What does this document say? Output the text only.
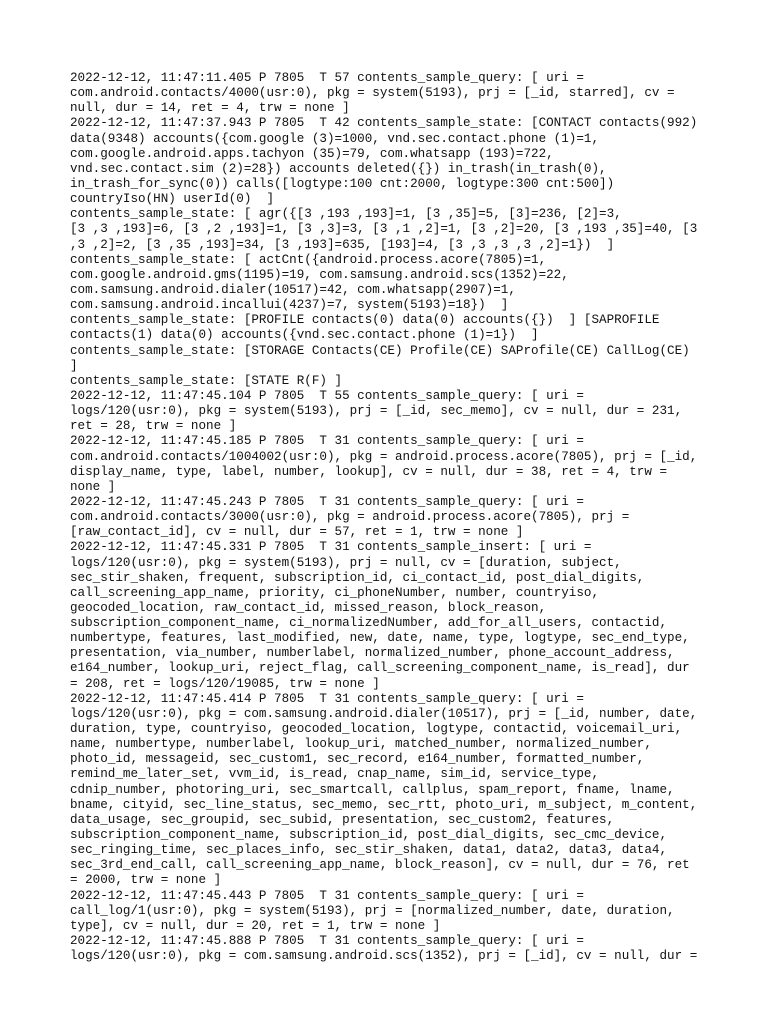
2022-12-12, 11:47:11.405 P 7805  T 57 contents_sample_query: [ uri =
com.android.contacts/4000(usr:0), pkg = system(5193), prj = [_id, starred], cv =
null, dur = 14, ret = 4, trw = none ]
2022-12-12, 11:47:37.943 P 7805  T 42 contents_sample_state: [CONTACT contacts(992)
data(9348) accounts({com.google (3)=1000, vnd.sec.contact.phone (1)=1,
com.google.android.apps.tachyon (35)=79, com.whatsapp (193)=722,
vnd.sec.contact.sim (2)=28}) accounts deleted({}) in_trash(in_trash(0),
in_trash_for_sync(0)) calls([logtype:100 cnt:2000, logtype:300 cnt:500])
countryIso(HN) userId(0)  ]
contents_sample_state: [ agr({[3 ,193 ,193]=1, [3 ,35]=5, [3]=236, [2]=3,
[3 ,3 ,193]=6, [3 ,2 ,193]=1, [3 ,3]=3, [3 ,1 ,2]=1, [3 ,2]=20, [3 ,193 ,35]=40, [3
,3 ,2]=2, [3 ,35 ,193]=34, [3 ,193]=635, [193]=4, [3 ,3 ,3 ,3 ,2]=1})  ]
contents_sample_state: [ actCnt({android.process.acore(7805)=1,
com.google.android.gms(1195)=19, com.samsung.android.scs(1352)=22,
com.samsung.android.dialer(10517)=42, com.whatsapp(2907)=1,
com.samsung.android.incallui(4237)=7, system(5193)=18})  ]
contents_sample_state: [PROFILE contacts(0) data(0) accounts({})  ] [SAPROFILE
contacts(1) data(0) accounts({vnd.sec.contact.phone (1)=1})  ]
contents_sample_state: [STORAGE Contacts(CE) Profile(CE) SAProfile(CE) CallLog(CE)
]
contents_sample_state: [STATE R(F) ]
2022-12-12, 11:47:45.104 P 7805  T 55 contents_sample_query: [ uri =
logs/120(usr:0), pkg = system(5193), prj = [_id, sec_memo], cv = null, dur = 231,
ret = 28, trw = none ]
2022-12-12, 11:47:45.185 P 7805  T 31 contents_sample_query: [ uri =
com.android.contacts/1004002(usr:0), pkg = android.process.acore(7805), prj = [_id,
display_name, type, label, number, lookup], cv = null, dur = 38, ret = 4, trw =
none ]
2022-12-12, 11:47:45.243 P 7805  T 31 contents_sample_query: [ uri =
com.android.contacts/3000(usr:0), pkg = android.process.acore(7805), prj =
[raw_contact_id], cv = null, dur = 57, ret = 1, trw = none ]
2022-12-12, 11:47:45.331 P 7805  T 31 contents_sample_insert: [ uri =
logs/120(usr:0), pkg = system(5193), prj = null, cv = [duration, subject,
sec_stir_shaken, frequent, subscription_id, ci_contact_id, post_dial_digits,
call_screening_app_name, priority, ci_phoneNumber, number, countryiso,
geocoded_location, raw_contact_id, missed_reason, block_reason,
subscription_component_name, ci_normalizedNumber, add_for_all_users, contactid,
numbertype, features, last_modified, new, date, name, type, logtype, sec_end_type,
presentation, via_number, numberlabel, normalized_number, phone_account_address,
e164_number, lookup_uri, reject_flag, call_screening_component_name, is_read], dur
= 208, ret = logs/120/19085, trw = none ]
2022-12-12, 11:47:45.414 P 7805  T 31 contents_sample_query: [ uri =
logs/120(usr:0), pkg = com.samsung.android.dialer(10517), prj = [_id, number, date,
duration, type, countryiso, geocoded_location, logtype, contactid, voicemail_uri,
name, numbertype, numberlabel, lookup_uri, matched_number, normalized_number,
photo_id, messageid, sec_custom1, sec_record, e164_number, formatted_number,
remind_me_later_set, vvm_id, is_read, cnap_name, sim_id, service_type,
cdnip_number, photoring_uri, sec_smartcall, callplus, spam_report, fname, lname,
bname, cityid, sec_line_status, sec_memo, sec_rtt, photo_uri, m_subject, m_content,
data_usage, sec_groupid, sec_subid, presentation, sec_custom2, features,
subscription_component_name, subscription_id, post_dial_digits, sec_cmc_device,
sec_ringing_time, sec_places_info, sec_stir_shaken, data1, data2, data3, data4,
sec_3rd_end_call, call_screening_app_name, block_reason], cv = null, dur = 76, ret
= 2000, trw = none ]
2022-12-12, 11:47:45.443 P 7805  T 31 contents_sample_query: [ uri =
call_log/1(usr:0), pkg = system(5193), prj = [normalized_number, date, duration,
type], cv = null, dur = 20, ret = 1, trw = none ]
2022-12-12, 11:47:45.888 P 7805  T 31 contents_sample_query: [ uri =
logs/120(usr:0), pkg = com.samsung.android.scs(1352), prj = [_id], cv = null, dur =
